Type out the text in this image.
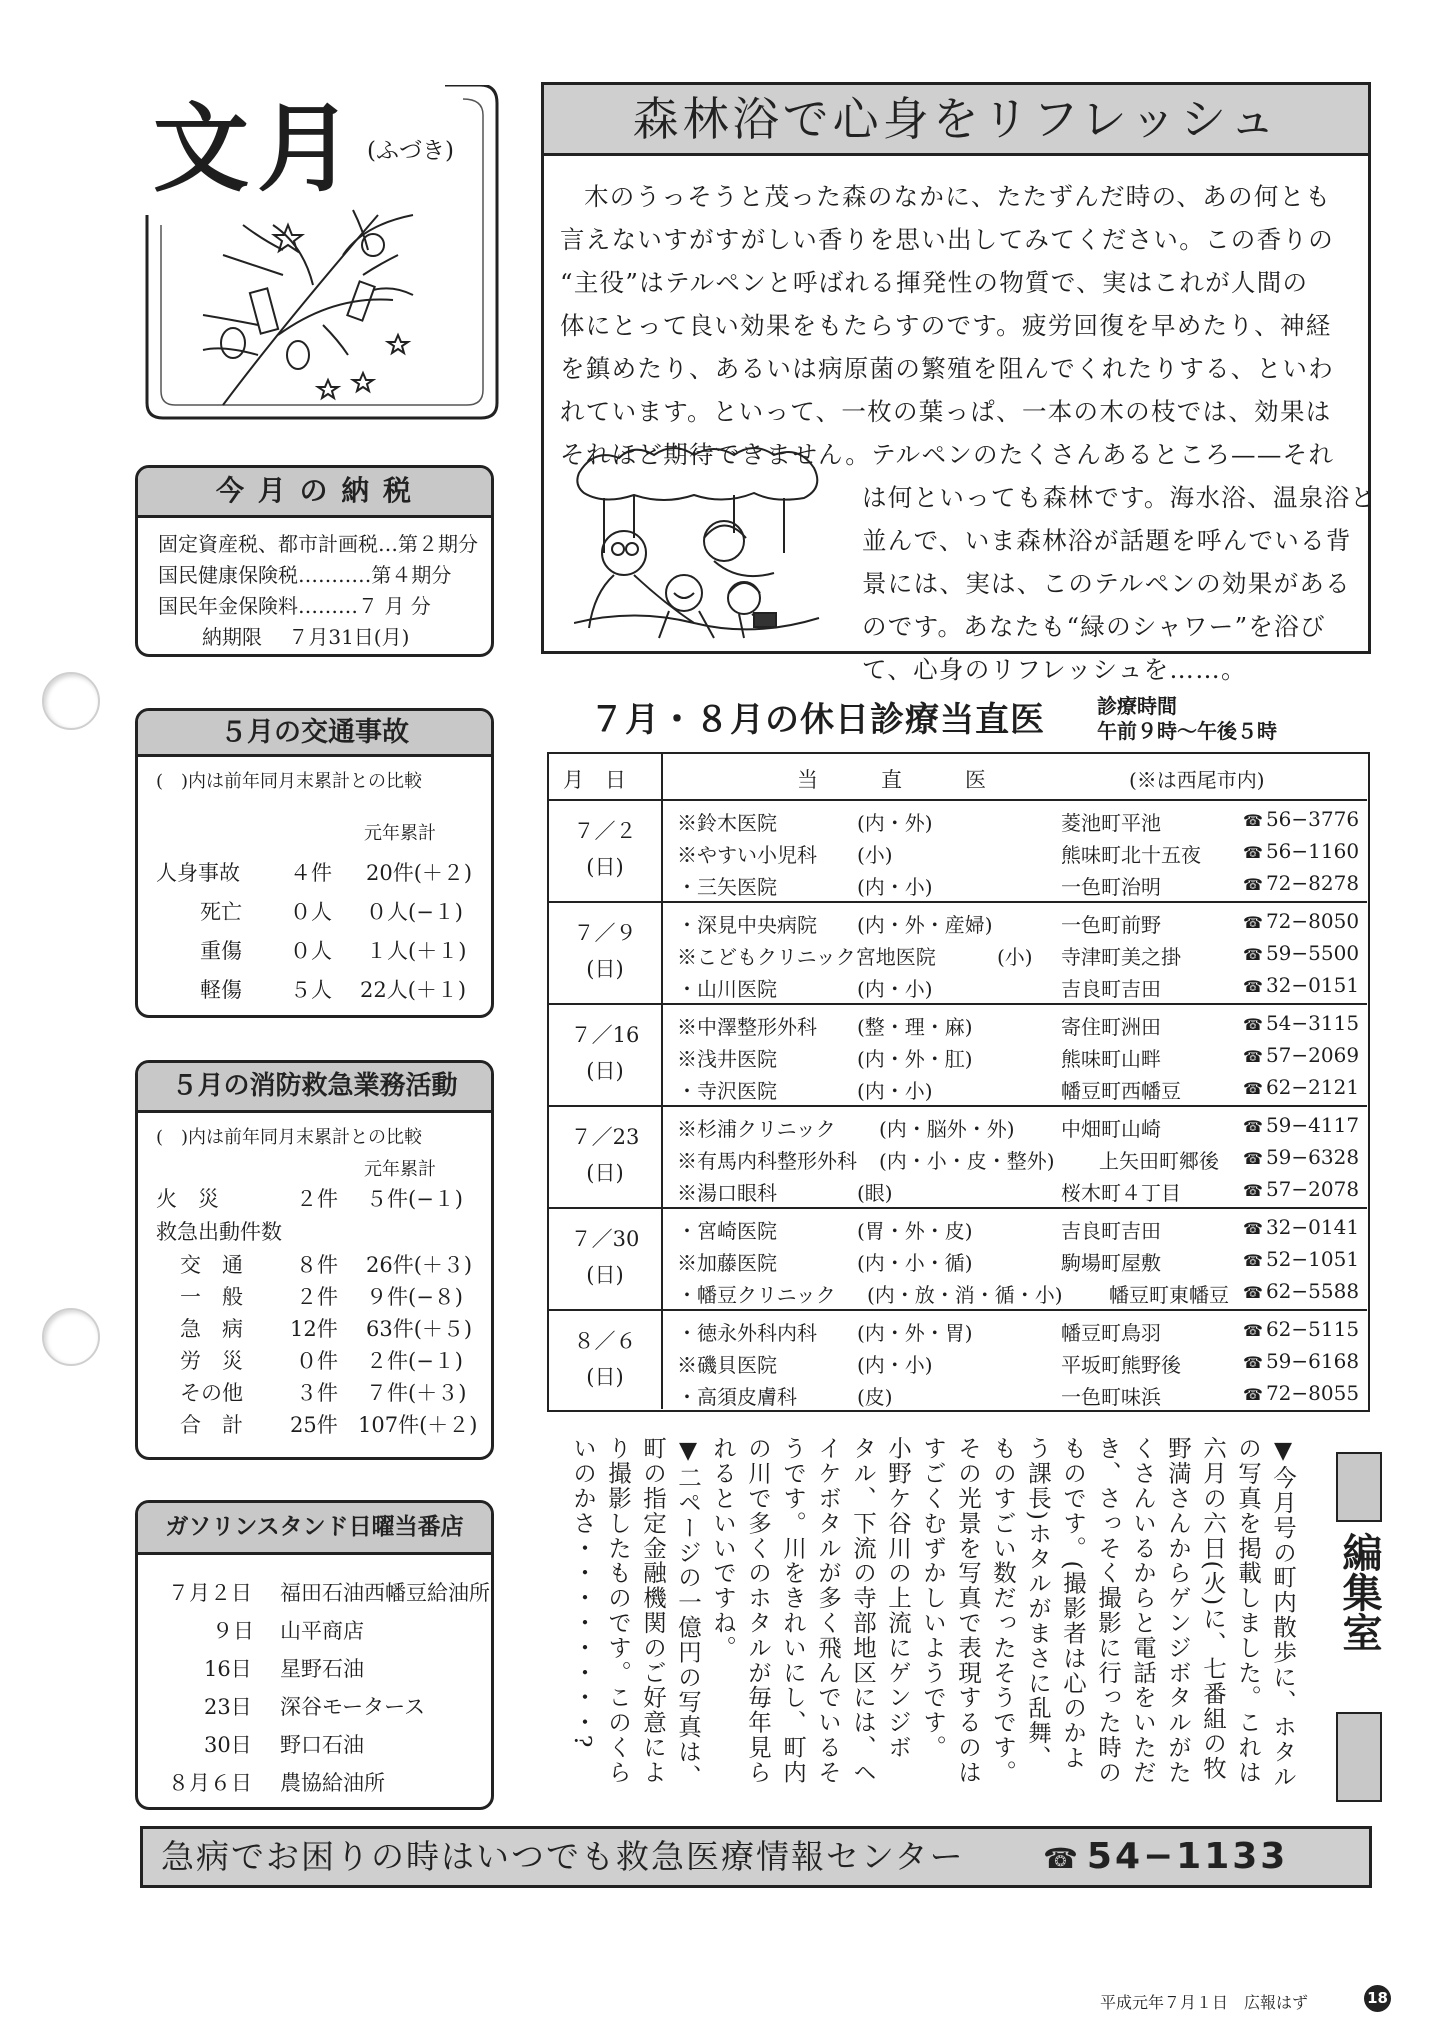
文月 (ふづき)
今 月 の 納 税
固定資産税、都市計画税…第２期分
国民健康保険税……‥…第４期分
国民年金保険料………７ 月 分
納期限　 ７月31日(月)
５月の交通事故
(　)内は前年同月末累計との比較
元年累計
人身事故 ４件 20件(＋２)
死亡 ０人 ０人(−１)
重傷 ０人 １人(＋１)
軽傷 ５人 22人(＋１)
５月の消防救急業務活動
(　)内は前年同月末累計との比較
元年累計
火　災	２件 ５件(−１)
救急出動件数
交　通	８件 26件(＋３)
一　般	２件 ９件(−８)
急　病 12件 63件(＋５)
労　災	０件 ２件(−１)
その他	３件 ７件(＋３)
合　計 25件 107件(＋２)
ガソリンスタンド日曜当番店
７月２日 福田石油西幡豆給油所
９日 山平商店
16日 星野石油
23日 深谷モータース
30日 野口石油
８月６日 農協給油所
森林浴で心身をリフレッシュ
木のうっそうと茂った森のなかに、たたずんだ時の、あの何とも
言えないすがすがしい香りを思い出してみてください。この香りの
“主役”はテルペンと呼ばれる揮発性の物質で、実はこれが人間の
体にとって良い効果をもたらすのです。疲労回復を早めたり、神経
を鎮めたり、あるいは病原菌の繁殖を阻んでくれたりする、といわ
れています。といって、一枚の葉っぱ、一本の木の枝では、効果は
それほど期待できません。テルペンのたくさんあるところ——それ
は何といっても森林です。海水浴、温泉浴と
並んで、いま森林浴が話題を呼んでいる背
景には、実は、このテルペンの効果がある
のです。あなたも“緑のシャワー”を浴び
て、心身のリフレッシュを……。
７月・８月の休日診療当直医	診療時間
午前９時〜午後５時
月　日	当　　　直　　　医	(※は西尾市内)
７／２
(日)
※鈴木医院	(内・外)	菱池町平池	☎ 56−3776
※やすい小児科 (小)	熊味町北十五夜	☎ 56−1160
・三矢医院	(内・小)	一色町治明	☎ 72−8278
７／９
(日)
・深見中央病院 (内・外・産婦)	一色町前野	☎ 72−8050
※こどもクリニック宮地医院	(小) 寺津町美之掛	☎ 59−5500
・山川医院	(内・小)	吉良町吉田	☎ 32−0151
７／16
(日)
※中澤整形外科 (整・理・麻)	寄住町洲田	☎ 54−3115
※浅井医院	(内・外・肛)	熊味町山畔	☎ 57−2069
・寺沢医院	(内・小)	幡豆町西幡豆	☎ 62−2121
７／23
(日)
※杉浦クリニック (内・脳外・外) 中畑町山崎	☎ 59−4117
※有馬内科整形外科 (内・小・皮・整外) 上矢田町郷後 ☎ 59−6328
※湯口眼科	(眼)	桜木町４丁目	☎ 57−2078
７／30
(日)
・宮崎医院	(胃・外・皮)	吉良町吉田	☎ 32−0141
※加藤医院	(内・小・循)	駒場町屋敷	☎ 52−1051
・幡豆クリニック (内・放・消・循・小) 幡豆町東幡豆 ☎ 62−5588
８／６
(日)
・徳永外科内科 (内・外・胃)	幡豆町鳥羽	☎ 62−5115
※磯貝医院	(内・小)	平坂町熊野後	☎ 59−6168
・高須皮膚科	(皮)	一色町味浜	☎ 72−8055
▼今月号の町内散歩に、ホタル
の写真を掲載しました。これは
六月の六日(火)に、七番組の牧
野満さんからゲンジボタルがた
くさんいるからと電話をいただ
き、さっそく撮影に行った時の
ものです。(撮影者は心のかよ
う課長)ホタルがまさに乱舞、
ものすごい数だったそうです。
その光景を写真で表現するのは
すごくむずかしいようです。
小野ケ谷川の上流にゲンジボ
タル、下流の寺部地区には、ヘ
イケボタルが多く飛んでいるそ
うです。川をきれいにし、町内
の川で多くのホタルが毎年見ら
れるといいですね。
▼二ページの一億円の写真は、
町の指定金融機関のご好意によ
り撮影したものです。このくら
いのかさ・・・・・・・・?	編集室
急病でお困りの時はいつでも救急医療情報センター	☎ 54−1133
平成元年７月１日　 広報はず	18
